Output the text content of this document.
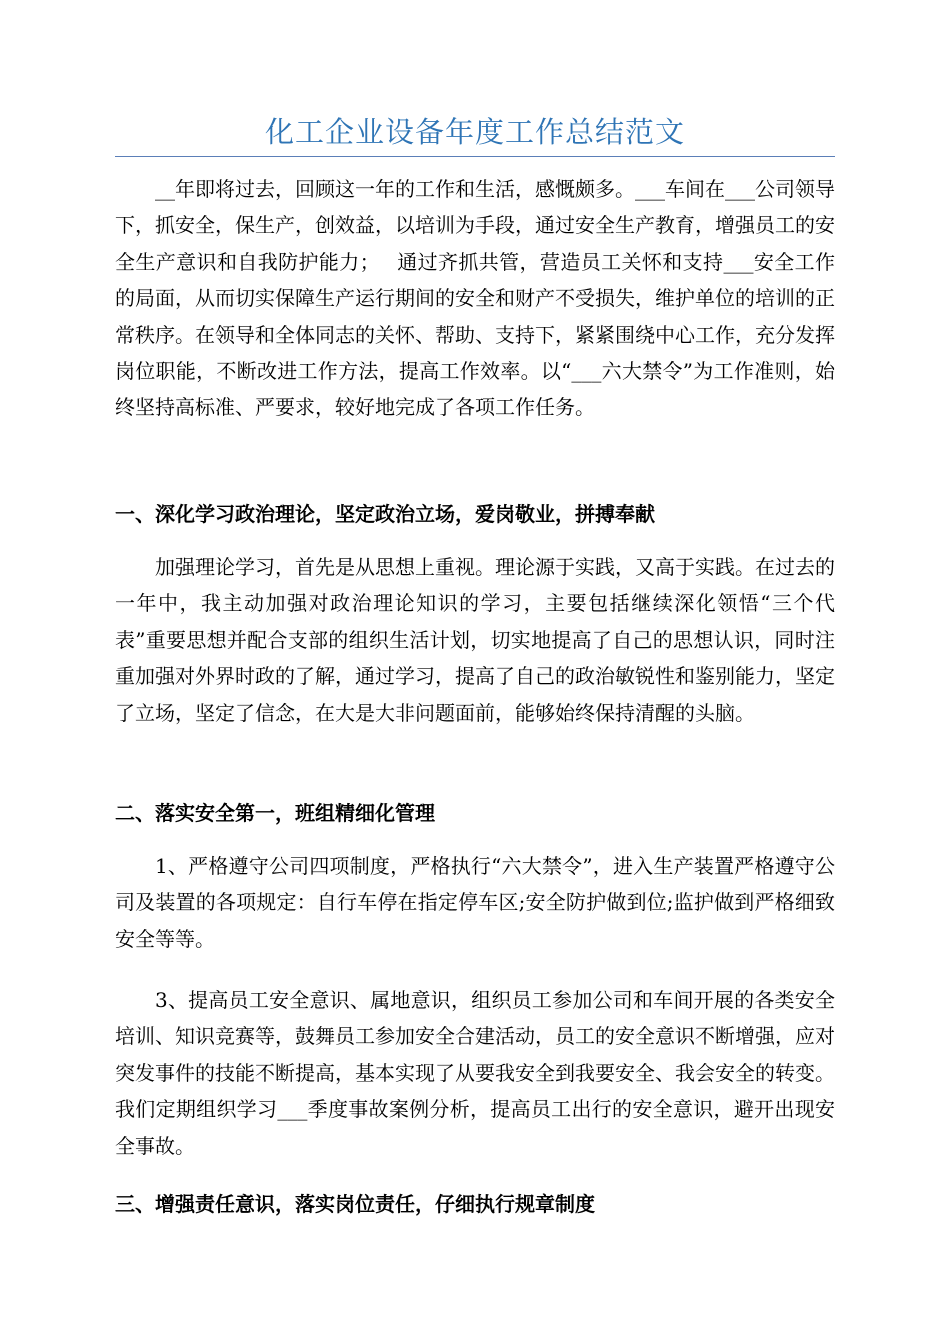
化工企业设备年度工作总结范文

__年即将过去，回顾这一年的工作和生活，感慨颇多。___车间在___公司领导下，抓安全，保生产，创效益，以培训为手段，通过安全生产教育，增强员工的安全生产意识和自我防护能力；　 通过齐抓共管，营造员工关怀和支持___安全工作的局面，从而切实保障生产运行期间的安全和财产不受损失，维护单位的培训的正常秩序。在领导和全体同志的关怀、帮助、支持下，紧紧围绕中心工作，充分发挥岗位职能，不断改进工作方法，提高工作效率。以“___六大禁令”为工作准则，始终坚持高标准、严要求，较好地完成了各项工作任务。

一、深化学习政治理论，坚定政治立场，爱岗敬业，拼搏奉献

加强理论学习，首先是从思想上重视。理论源于实践，又高于实践。在过去的一年中，我主动加强对政治理论知识的学习，主要包括继续深化领悟“三个代表”重要思想并配合支部的组织生活计划，切实地提高了自己的思想认识，同时注重加强对外界时政的了解，通过学习，提高了自己的政治敏锐性和鉴别能力，坚定了立场，坚定了信念，在大是大非问题面前，能够始终保持清醒的头脑。

二、落实安全第一，班组精细化管理

1、严格遵守公司四项制度，严格执行“六大禁令”，进入生产装置严格遵守公司及装置的各项规定：自行车停在指定停车区;安全防护做到位;监护做到严格细致安全等等。

3、提高员工安全意识、属地意识，组织员工参加公司和车间开展的各类安全培训、知识竞赛等，鼓舞员工参加安全合建活动，员工的安全意识不断增强，应对突发事件的技能不断提高，基本实现了从要我安全到我要安全、我会安全的转变。我们定期组织学习___季度事故案例分析，提高员工出行的安全意识，避开出现安全事故。

三、增强责任意识，落实岗位责任，仔细执行规章制度
